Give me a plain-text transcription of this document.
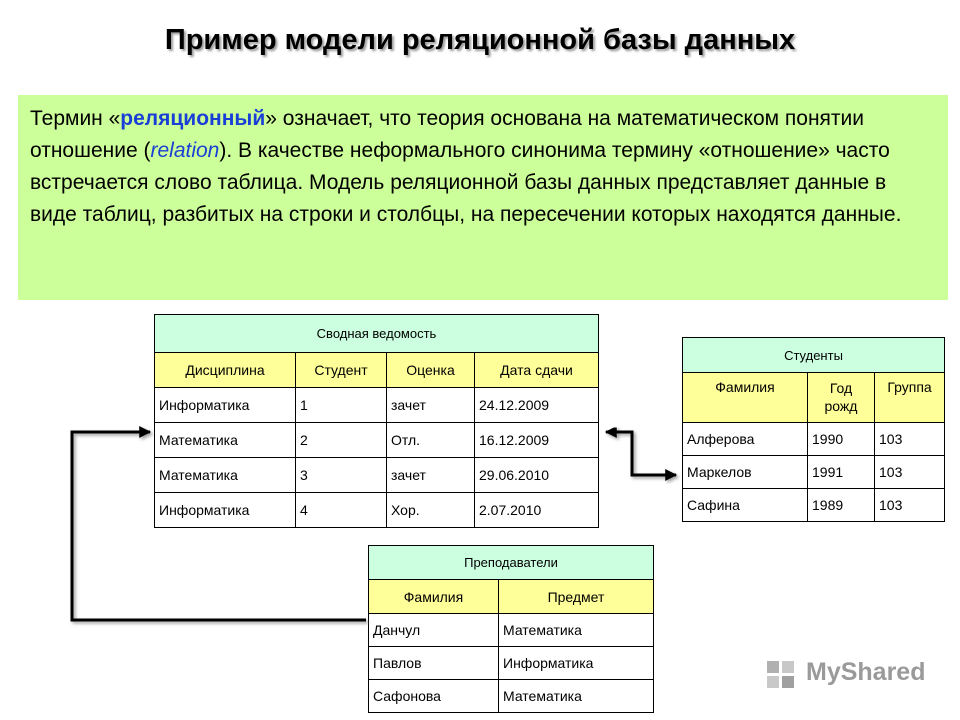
Пример модели реляционной базы данных
Термин «реляционный» означает, что теория основана на математическом понятии отношение (relation). В качестве неформального синонима термину «отношение» часто встречается слово таблица. Модель реляционной базы данных представляет данные в виде таблиц, разбитых на строки и столбцы, на пересечении которых находятся данные.
Сводная ведомость			
Дисциплина	Студент	Оценка	Дата сдачи
Информатика	1	зачет	24.12.2009
Математика	2	Отл.	16.12.2009
Математика	3	зачет	29.06.2010
Информатика	4	Хор.	2.07.2010
Студенты		
Фамилия	Год рожд	Группа
Алферова	1990	103
Маркелов	1991	103
Сафина	1989	103
Преподаватели	
Фамилия	Предмет
Данчул	Математика
Павлов	Информатика
Сафонова	Математика
MyShared
